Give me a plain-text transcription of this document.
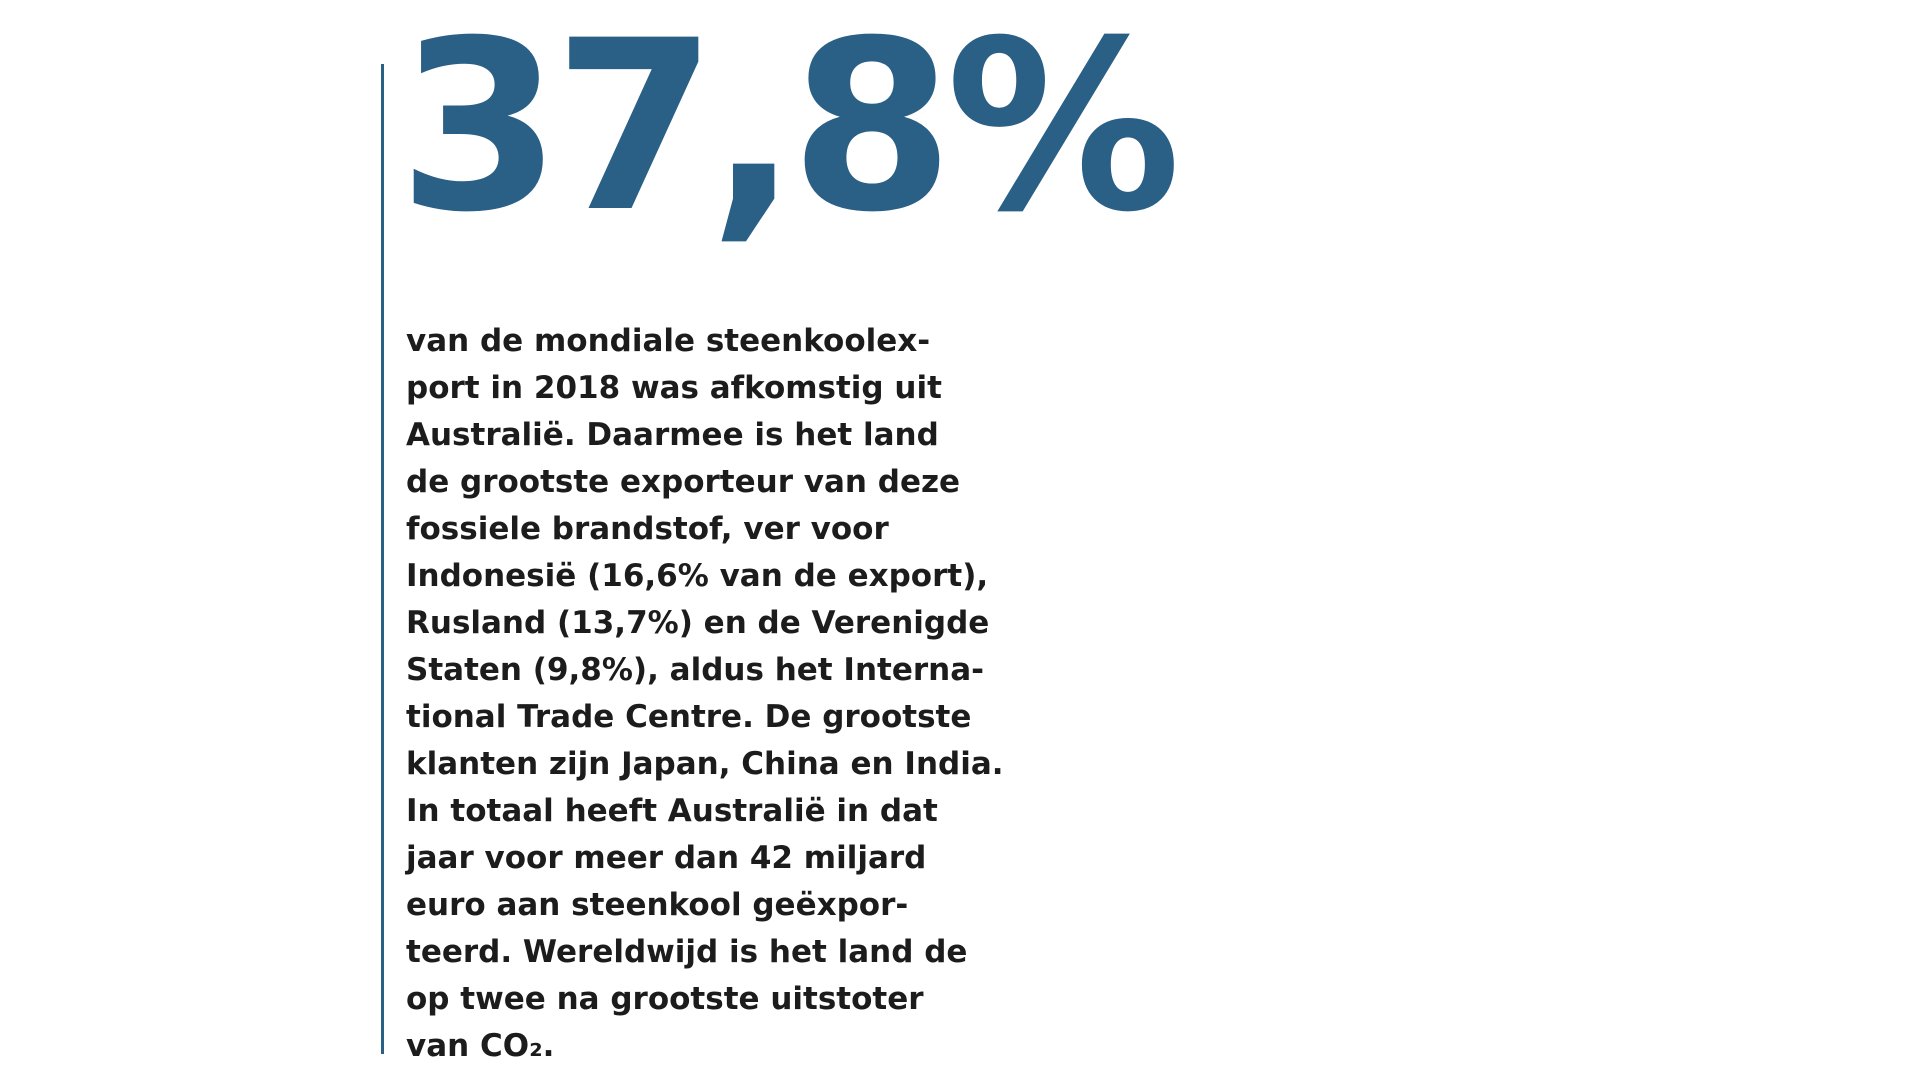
37,8%

van de mondiale steenkoolex-
port in 2018 was afkomstig uit
Australië. Daarmee is het land
de grootste exporteur van deze
fossiele brandstof, ver voor
Indonesië (16,6% van de export),
Rusland (13,7%) en de Verenigde
Staten (9,8%), aldus het Interna-
tional Trade Centre. De grootste
klanten zijn Japan, China en India.
In totaal heeft Australië in dat
jaar voor meer dan 42 miljard
euro aan steenkool geëxpor-
teerd. Wereldwijd is het land de
op twee na grootste uitstoter
van CO₂.
